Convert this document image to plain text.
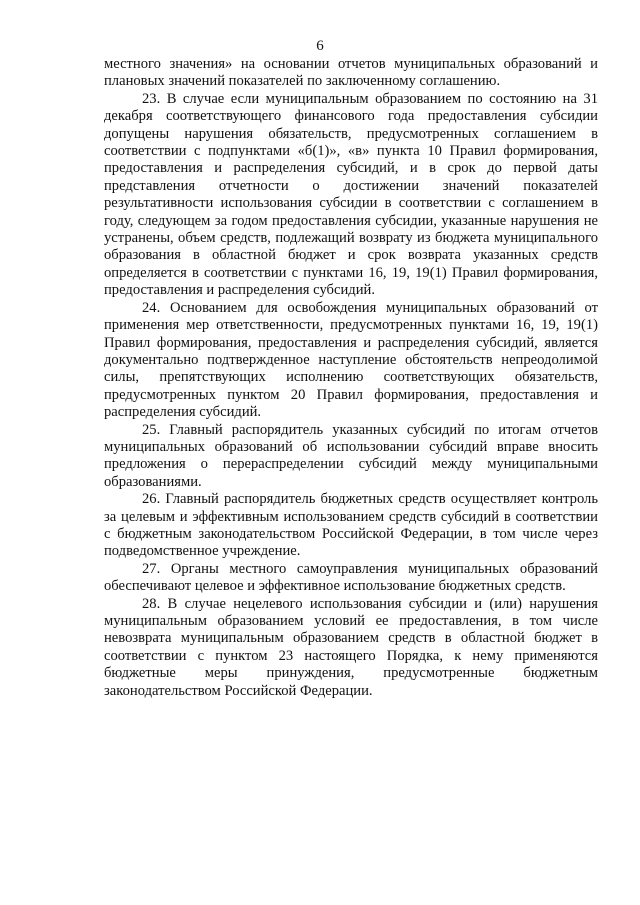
6

местного значения» на основании отчетов муниципальных образований и плановых значений показателей по заключенному соглашению.

23. В случае если муниципальным образованием по состоянию на 31 декабря соответствующего финансового года предоставления субсидии допущены нарушения обязательств, предусмотренных соглашением в соответствии с подпунктами «б(1)», «в» пункта 10 Правил формирования, предоставления и распределения субсидий, и в срок до первой даты представления отчетности о достижении значений показателей результативности использования субсидии в соответствии с соглашением в году, следующем за годом предоставления субсидии, указанные нарушения не устранены, объем средств, подлежащий возврату из бюджета муниципального образования в областной бюджет и срок возврата указанных средств определяется в соответствии с пунктами 16, 19, 19(1) Правил формирования, предоставления и распределения субсидий.

24. Основанием для освобождения муниципальных образований от применения мер ответственности, предусмотренных пунктами 16, 19, 19(1) Правил формирования, предоставления и распределения субсидий, является документально подтвержденное наступление обстоятельств непреодолимой силы, препятствующих исполнению соответствующих обязательств, предусмотренных пунктом 20 Правил формирования, предоставления и распределения субсидий.

25. Главный распорядитель указанных субсидий по итогам отчетов муниципальных образований об использовании субсидий вправе вносить предложения о перераспределении субсидий между муниципальными образованиями.

26. Главный распорядитель бюджетных средств осуществляет контроль за целевым и эффективным использованием средств субсидий в соответствии с бюджетным законодательством Российской Федерации, в том числе через подведомственное учреждение.

27. Органы местного самоуправления муниципальных образований обеспечивают целевое и эффективное использование бюджетных средств.

28. В случае нецелевого использования субсидии и (или) нарушения муниципальным образованием условий ее предоставления, в том числе невозврата муниципальным образованием средств в областной бюджет в соответствии с пунктом 23 настоящего Порядка, к нему применяются бюджетные меры принуждения, предусмотренные бюджетным законодательством Российской Федерации.
